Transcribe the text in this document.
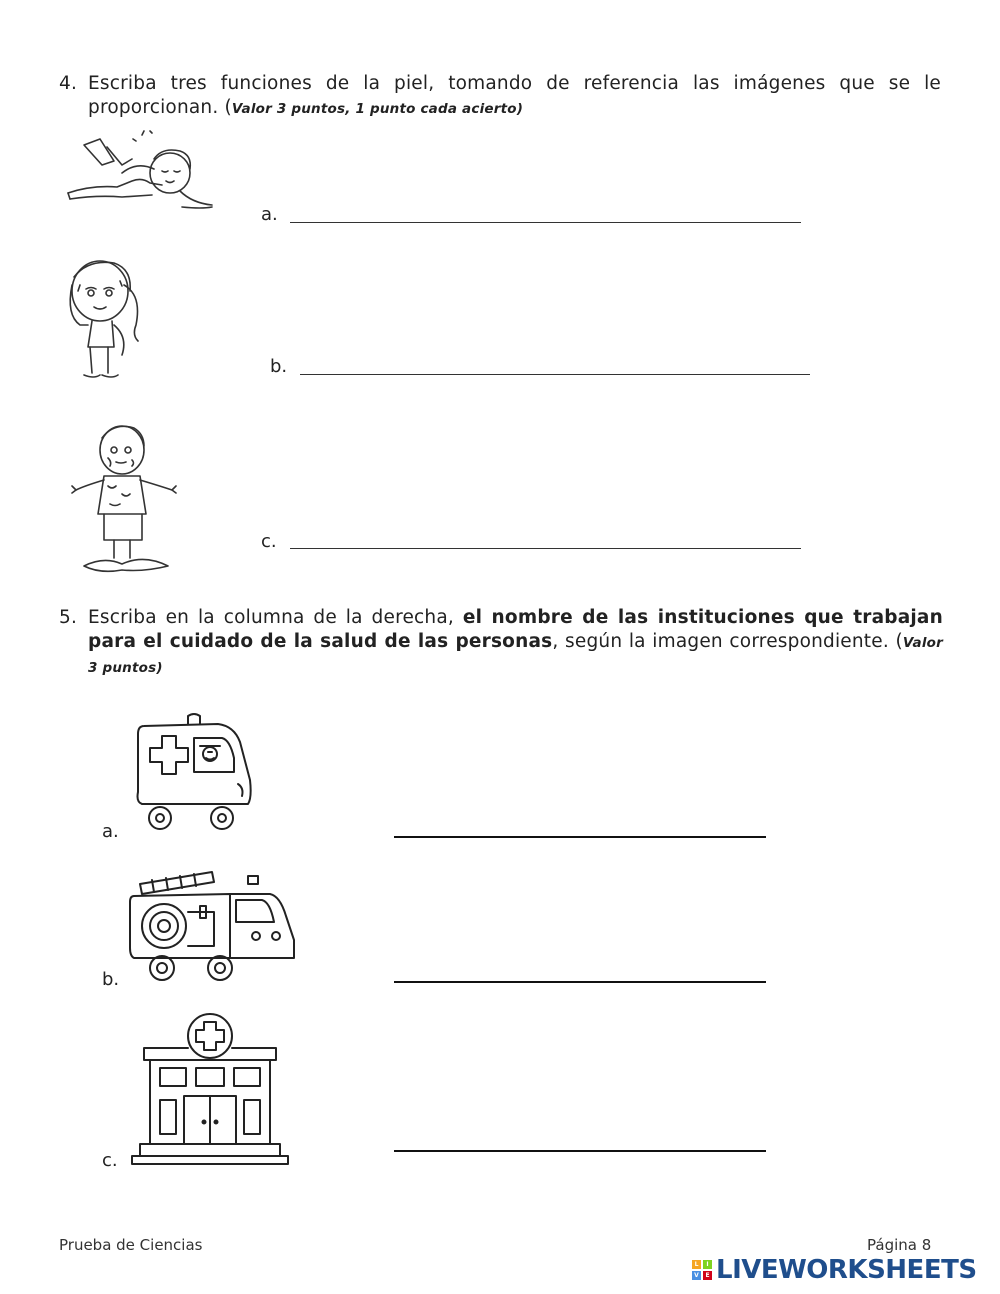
4. Escriba tres funciones de la piel, tomando de referencia las imágenes que se le proporcionan. (Valor 3 puntos, 1 punto cada acierto)
a.
b.
c.
5. Escriba en la columna de la derecha, el nombre de las instituciones que trabajan para el cuidado de la salud de las personas, según la imagen correspondiente. (Valor 3 puntos)
a.
b.
c.
Prueba de Ciencias	Página 8
L	I
V	E LIVEWORKSHEETS
